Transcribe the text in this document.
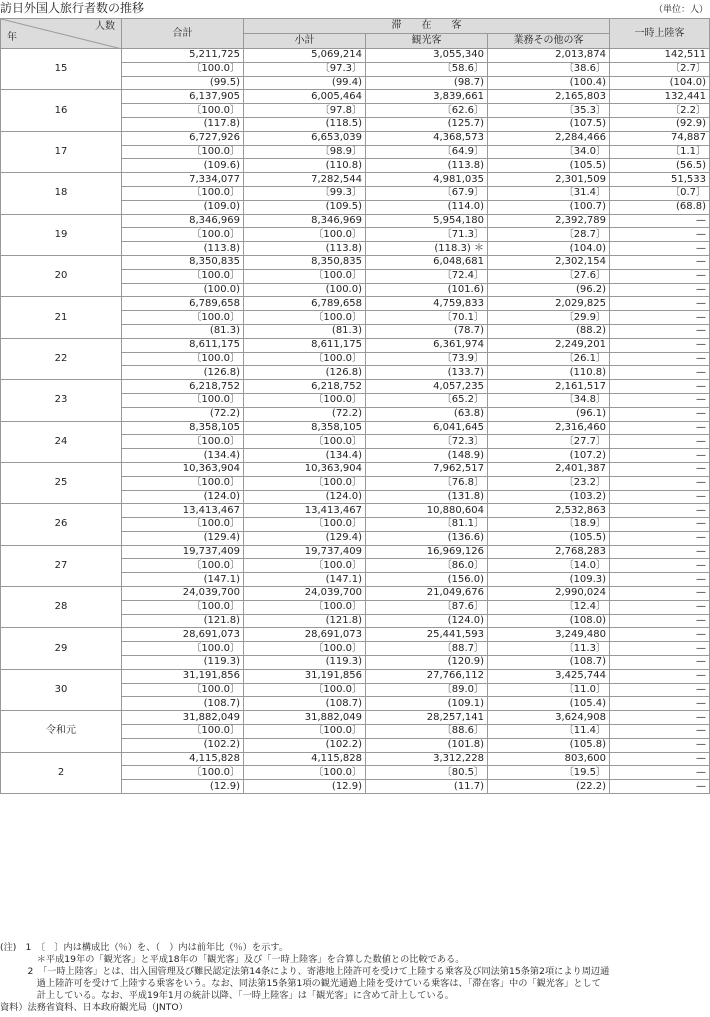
訪日外国人旅行者数の推移	（単位：人）
人数
年	合計	滞　　在　　客			一時上陸客
		小計	観光客	業務その他の客	
15	5,211,725	5,069,214	3,055,340	2,013,874	142,511
	〔100.0〕	〔97.3〕	〔58.6〕	〔38.6〕	〔2.7〕
	(99.5)	(99.4)	(98.7)	(100.4)	(104.0)
16	6,137,905	6,005,464	3,839,661	2,165,803	132,441
	〔100.0〕	〔97.8〕	〔62.6〕	〔35.3〕	〔2.2〕
	(117.8)	(118.5)	(125.7)	(107.5)	(92.9)
17	6,727,926	6,653,039	4,368,573	2,284,466	74,887
	〔100.0〕	〔98.9〕	〔64.9〕	〔34.0〕	〔1.1〕
	(109.6)	(110.8)	(113.8)	(105.5)	(56.5)
18	7,334,077	7,282,544	4,981,035	2,301,509	51,533
	〔100.0〕	〔99.3〕	〔67.9〕	〔31.4〕	〔0.7〕
	(109.0)	(109.5)	(114.0)	(100.7)	(68.8)
19	8,346,969	8,346,969	5,954,180	2,392,789	—
	〔100.0〕	〔100.0〕	〔71.3〕	〔28.7〕	—
	(113.8)	(113.8)	(118.3) ＊	(104.0)	—
20	8,350,835	8,350,835	6,048,681	2,302,154	—
	〔100.0〕	〔100.0〕	〔72.4〕	〔27.6〕	—
	(100.0)	(100.0)	(101.6)	(96.2)	—
21	6,789,658	6,789,658	4,759,833	2,029,825	—
	〔100.0〕	〔100.0〕	〔70.1〕	〔29.9〕	—
	(81.3)	(81.3)	(78.7)	(88.2)	—
22	8,611,175	8,611,175	6,361,974	2,249,201	—
	〔100.0〕	〔100.0〕	〔73.9〕	〔26.1〕	—
	(126.8)	(126.8)	(133.7)	(110.8)	—
23	6,218,752	6,218,752	4,057,235	2,161,517	—
	〔100.0〕	〔100.0〕	〔65.2〕	〔34.8〕	—
	(72.2)	(72.2)	(63.8)	(96.1)	—
24	8,358,105	8,358,105	6,041,645	2,316,460	—
	〔100.0〕	〔100.0〕	〔72.3〕	〔27.7〕	—
	(134.4)	(134.4)	(148.9)	(107.2)	—
25	10,363,904	10,363,904	7,962,517	2,401,387	—
	〔100.0〕	〔100.0〕	〔76.8〕	〔23.2〕	—
	(124.0)	(124.0)	(131.8)	(103.2)	—
26	13,413,467	13,413,467	10,880,604	2,532,863	—
	〔100.0〕	〔100.0〕	〔81.1〕	〔18.9〕	—
	(129.4)	(129.4)	(136.6)	(105.5)	—
27	19,737,409	19,737,409	16,969,126	2,768,283	—
	〔100.0〕	〔100.0〕	〔86.0〕	〔14.0〕	—
	(147.1)	(147.1)	(156.0)	(109.3)	—
28	24,039,700	24,039,700	21,049,676	2,990,024	—
	〔100.0〕	〔100.0〕	〔87.6〕	〔12.4〕	—
	(121.8)	(121.8)	(124.0)	(108.0)	—
29	28,691,073	28,691,073	25,441,593	3,249,480	—
	〔100.0〕	〔100.0〕	〔88.7〕	〔11.3〕	—
	(119.3)	(119.3)	(120.9)	(108.7)	—
30	31,191,856	31,191,856	27,766,112	3,425,744	—
	〔100.0〕	〔100.0〕	〔89.0〕	〔11.0〕	—
	(108.7)	(108.7)	(109.1)	(105.4)	—
令和元	31,882,049	31,882,049	28,257,141	3,624,908	—
	〔100.0〕	〔100.0〕	〔88.6〕	〔11.4〕	—
	(102.2)	(102.2)	(101.8)	(105.8)	—
2	4,115,828	4,115,828	3,312,228	803,600	—
	〔100.0〕	〔100.0〕	〔80.5〕	〔19.5〕	—
	(12.9)	(12.9)	(11.7)	(22.2)	—
(注)　1　〔　〕内は構成比（％）を、（　）内は前年比（％）を示す。
　　　　＊平成19年の「観光客」と平成18年の「観光客」及び「一時上陸客」を合算した数値との比較である。
　　　2　「一時上陸客」とは、出入国管理及び難民認定法第14条により、寄港地上陸許可を受けて上陸する乗客及び同法第15条第2項により周辺通
　　　　過上陸許可を受けて上陸する乗客をいう。なお、同法第15条第1項の観光通過上陸を受けている乗客は、「滞在客」中の「観光客」として
　　　　計上している。なお、平成19年1月の統計以降、「一時上陸客」は「観光客」に含めて計上している。
資料）法務省資料、日本政府観光局（JNTO）
